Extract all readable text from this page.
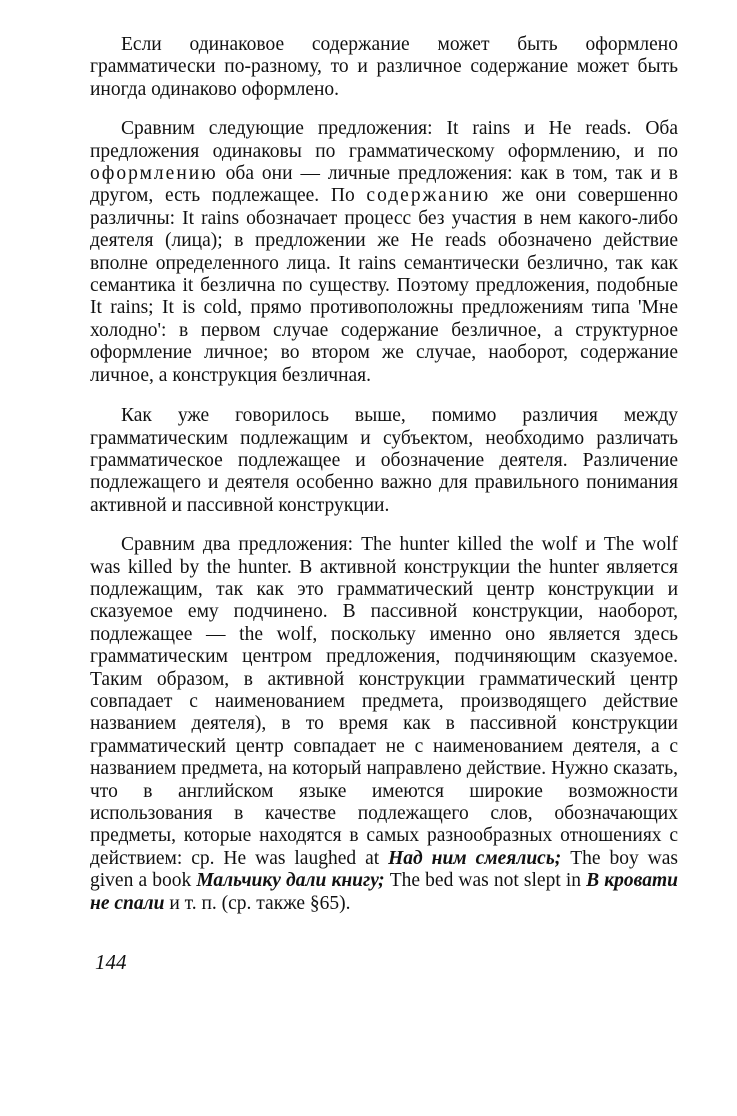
Если одинаковое содержание может быть оформлено грамматически по-разному, то и различное содержание может быть иногда одинаково оформлено.

Сравним следующие предложения: It rains и He reads. Оба предложения одинаковы по грамматическому оформлению, и по оформлению оба они — личные предложения: как в том, так и в другом, есть подлежащее. По содержанию же они совершенно различны: It rains обозначает процесс без участия в нем какого-либо деятеля (лица); в предложении же He reads обозначено действие вполне определенного лица. It rains семантически безлично, так как семантика it безлична по существу. Поэтому предложения, подобные It rains; It is cold, прямо противоположны предложениям типа 'Мне холодно': в первом случае содержание безличное, а структурное оформление личное; во втором же случае, наоборот, содержание личное, а конструкция безличная.

Как уже говорилось выше, помимо различия между грамматическим подлежащим и субъектом, необходимо различать грамматическое подлежащее и обозначение деятеля. Различение подлежащего и деятеля особенно важно для правильного понимания активной и пассивной конструкции.

Сравним два предложения: The hunter killed the wolf и The wolf was killed by the hunter. В активной конструкции the hunter является подлежащим, так как это грамматический центр конструкции и сказуемое ему подчинено. В пассивной конструкции, наоборот, подлежащее — the wolf, поскольку именно оно является здесь грамматическим центром предложения, подчиняющим сказуемое. Таким образом, в активной конструкции грамматический центр совпадает с наименованием предмета, производящего действие названием деятеля), в то время как в пассивной конструкции грамматический центр совпадает не с наименованием деятеля, а с названием предмета, на который направлено действие. Нужно сказать, что в английском языке имеются широкие возможности использования в качестве подлежащего слов, обозначающих предметы, которые находятся в самых разнообразных отношениях с действием: ср. He was laughed at Над ним смеялись; The boy was given a book Мальчику дали книгу; The bed was not slept in В кровати не спали и т. п. (ср. также §65).

144
